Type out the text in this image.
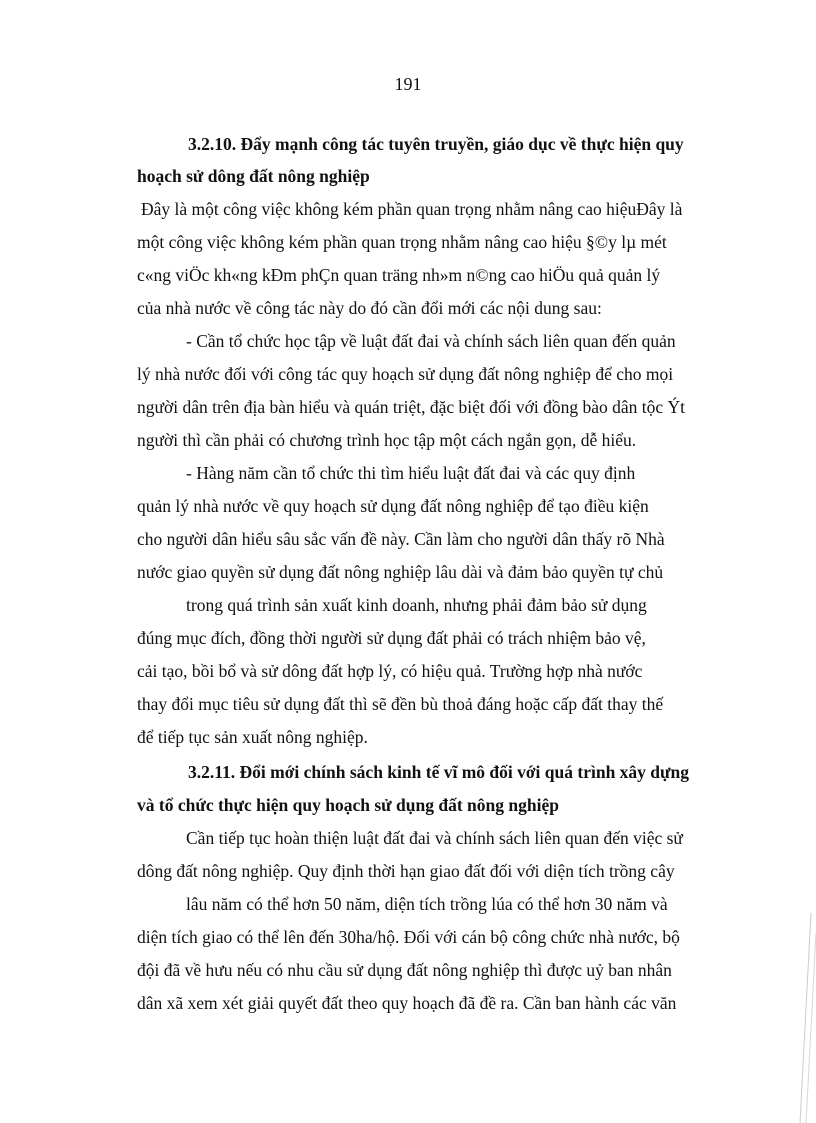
191
3.2.10. Đẩy mạnh công tác tuyên truyền, giáo dục về thực hiện quy
hoạch sử dông đất nông nghiệp
Đây là một công việc không kém phần quan trọng nhằm nâng cao hiệuĐây là
một công việc không kém phần quan trọng nhằm nâng cao hiệu §©y lµ mét
c«ng viÖc kh«ng kÐm phÇn quan träng nh»m n©ng cao hiÖu quả quản lý
của nhà nước về công tác này do đó cần đổi mới các nội dung sau:
- Cần tổ chức học tập về luật đất đai và chính sách liên quan đến quản
lý nhà nước đối với công tác quy hoạch sử dụng đất nông nghiệp để cho mọi
người dân trên địa bàn hiểu và quán triệt, đặc biệt đối với đồng bào dân tộc Ýt
người thì cần phải có chương trình học tập một cách ngắn gọn, dễ hiểu.
- Hàng năm cần tổ chức thi tìm hiểu luật đất đai và các quy định
quản lý nhà nước về quy hoạch sử dụng đất nông nghiệp để tạo điều kiện
cho người dân hiểu sâu sắc vấn đề này. Cần làm cho người dân thấy rõ Nhà
nước giao quyền sử dụng đất nông nghiệp lâu dài và đảm bảo quyền tự chủ
trong quá trình sản xuất kinh doanh, nhưng phải đảm bảo sử dụng
đúng mục đích, đồng thời người sử dụng đất phải có trách nhiệm bảo vệ,
cải tạo, bồi bổ và sử dông đất hợp lý, có hiệu quả. Trường hợp nhà nước
thay đổi mục tiêu sử dụng đất thì sẽ đền bù thoả đáng hoặc cấp đất thay thế
để tiếp tục sản xuất nông nghiệp.
3.2.11. Đổi mới chính sách kinh tế vĩ mô đối với quá trình xây dựng
và tổ chức thực hiện quy hoạch sử dụng đất nông nghiệp
Cần tiếp tục hoàn thiện luật đất đai và chính sách liên quan đến việc sử
dông đất nông nghiệp. Quy định thời hạn giao đất đối với diện tích trồng cây
lâu năm có thể hơn 50 năm, diện tích trồng lúa có thể hơn 30 năm và
diện tích giao có thể lên đến 30ha/hộ. Đối với cán bộ công chức nhà nước, bộ
đội đã về hưu nếu có nhu cầu sử dụng đất nông nghiệp thì được uỷ ban nhân
dân xã xem xét giải quyết đất theo quy hoạch đã đề ra. Cần ban hành các văn
